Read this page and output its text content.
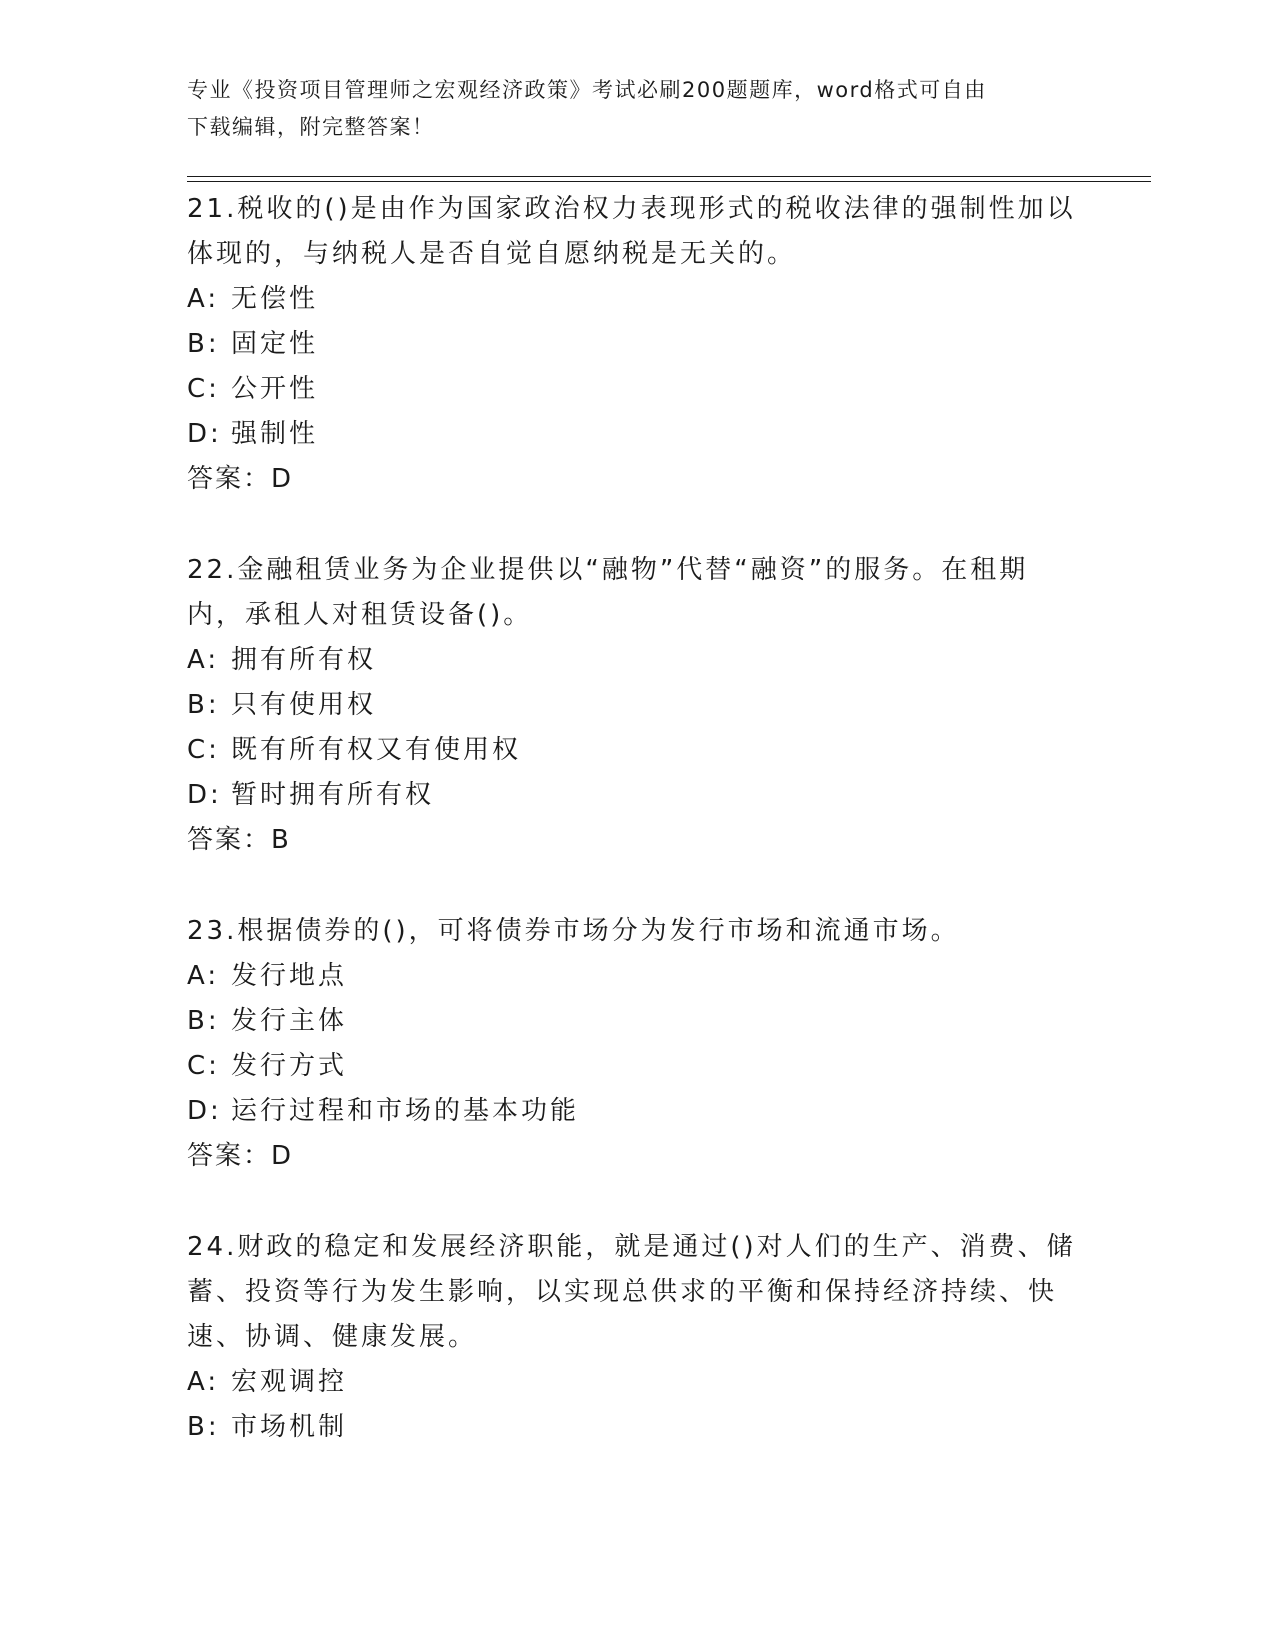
专业《投资项目管理师之宏观经济政策》考试必刷200题题库，word格式可自由
下载编辑，附完整答案！

21.税收的()是由作为国家政治权力表现形式的税收法律的强制性加以

体现的，与纳税人是否自觉自愿纳税是无关的。

A: 无偿性
B: 固定性
C: 公开性
D: 强制性

答案：D

22.金融租赁业务为企业提供以“融物”代替“融资”的服务。在租期

内，承租人对租赁设备()。

A: 拥有所有权
B: 只有使用权
C: 既有所有权又有使用权
D: 暂时拥有所有权

答案：B

23.根据债券的()，可将债券市场分为发行市场和流通市场。

A: 发行地点
B: 发行主体
C: 发行方式
D: 运行过程和市场的基本功能

答案：D

24.财政的稳定和发展经济职能，就是通过()对人们的生产、消费、储

蓄、投资等行为发生影响，以实现总供求的平衡和保持经济持续、快

速、协调、健康发展。

A: 宏观调控
B: 市场机制
